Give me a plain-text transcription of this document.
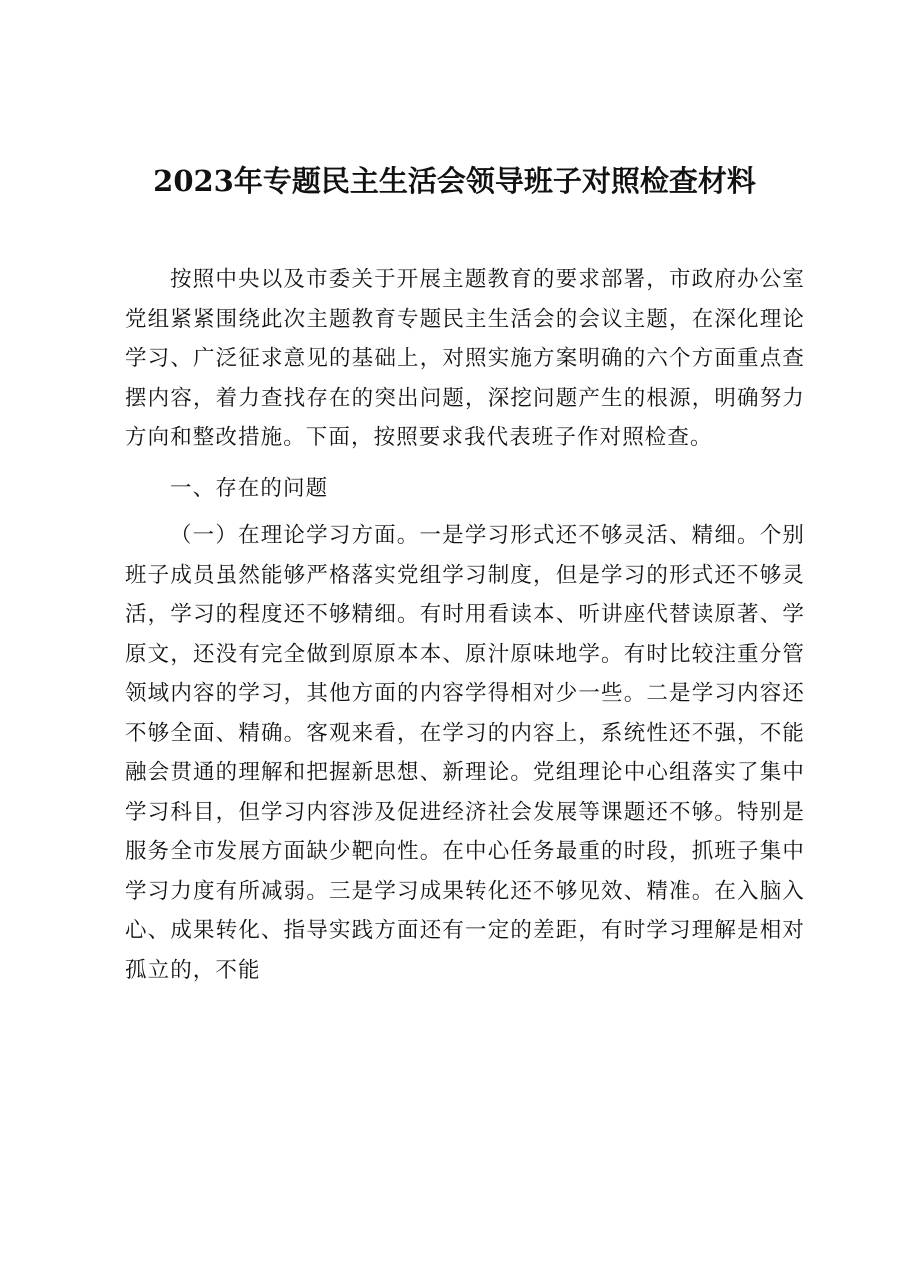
2023年专题民主生活会领导班子对照检查材料

按照中央以及市委关于开展主题教育的要求部署，市政府办公室党组紧紧围绕此次主题教育专题民主生活会的会议主题，在深化理论学习、广泛征求意见的基础上，对照实施方案明确的六个方面重点查摆内容，着力查找存在的突出问题，深挖问题产生的根源，明确努力方向和整改措施。下面，按照要求我代表班子作对照检查。

一、存在的问题

（一）在理论学习方面。一是学习形式还不够灵活、精细。个别班子成员虽然能够严格落实党组学习制度，但是学习的形式还不够灵活，学习的程度还不够精细。有时用看读本、听讲座代替读原著、学原文，还没有完全做到原原本本、原汁原味地学。有时比较注重分管领域内容的学习，其他方面的内容学得相对少一些。二是学习内容还不够全面、精确。客观来看，在学习的内容上，系统性还不强，不能融会贯通的理解和把握新思想、新理论。党组理论中心组落实了集中学习科目，但学习内容涉及促进经济社会发展等课题还不够。特别是服务全市发展方面缺少靶向性。在中心任务最重的时段，抓班子集中学习力度有所减弱。三是学习成果转化还不够见效、精准。在入脑入心、成果转化、指导实践方面还有一定的差距，有时学习理解是相对孤立的，不能
